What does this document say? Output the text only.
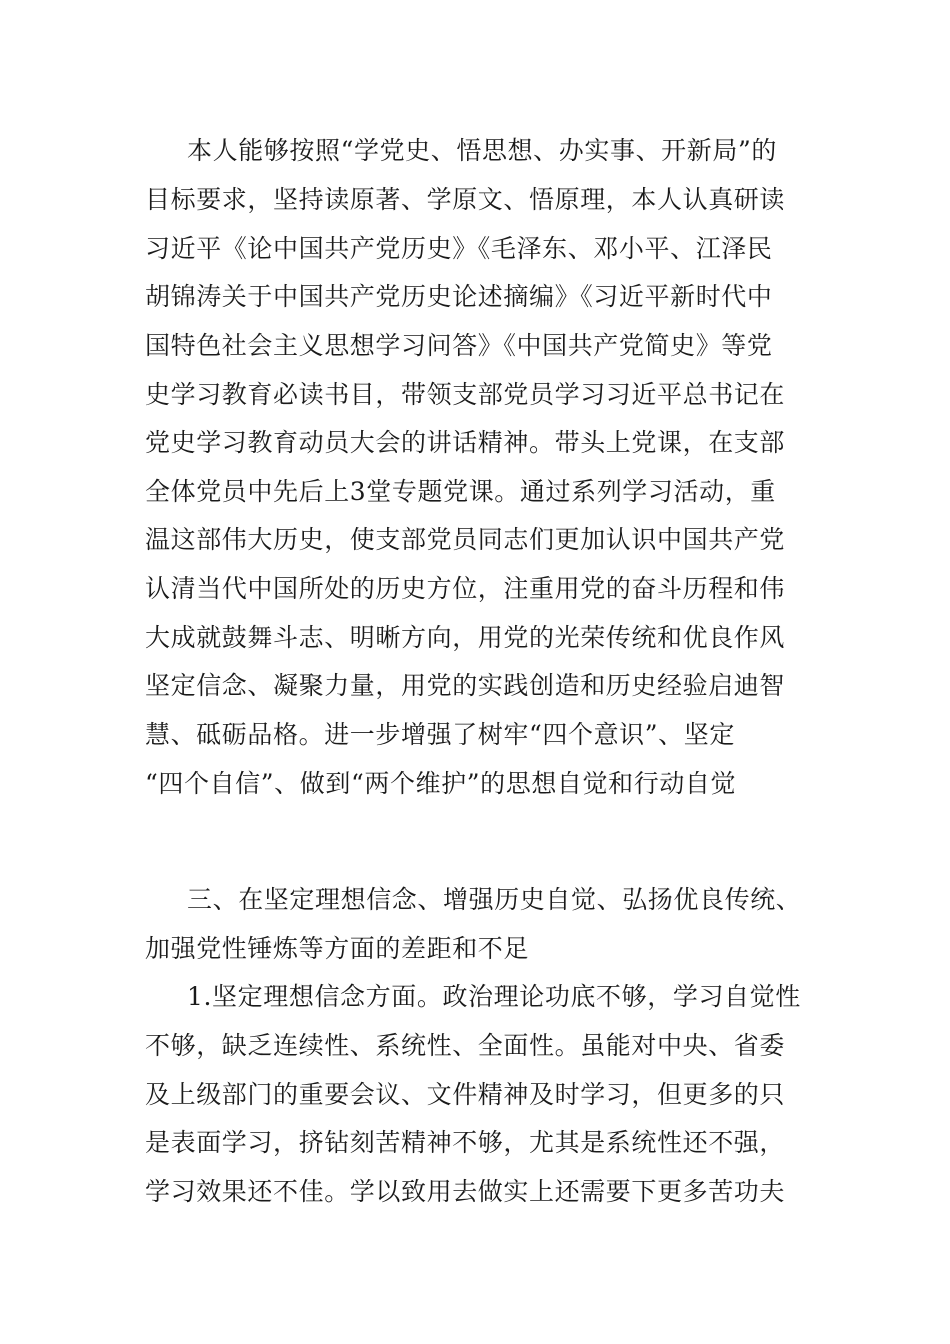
本人能够按照“学党史、悟思想、办实事、开新局”的
目标要求，坚持读原著、学原文、悟原理，本人认真研读
习近平《论中国共产党历史》《毛泽东、邓小平、江泽民
胡锦涛关于中国共产党历史论述摘编》《习近平新时代中
国特色社会主义思想学习问答》《中国共产党简史》等党
史学习教育必读书目，带领支部党员学习习近平总书记在
党史学习教育动员大会的讲话精神。带头上党课，在支部
全体党员中先后上3堂专题党课。通过系列学习活动，重
温这部伟大历史，使支部党员同志们更加认识中国共产党
认清当代中国所处的历史方位，注重用党的奋斗历程和伟
大成就鼓舞斗志、明晰方向，用党的光荣传统和优良作风
坚定信念、凝聚力量，用党的实践创造和历史经验启迪智
慧、砥砺品格。进一步增强了树牢“四个意识”、坚定
“四个自信”、做到“两个维护”的思想自觉和行动自觉
三、在坚定理想信念、增强历史自觉、弘扬优良传统、
加强党性锤炼等方面的差距和不足
1.坚定理想信念方面。政治理论功底不够，学习自觉性
不够，缺乏连续性、系统性、全面性。虽能对中央、省委
及上级部门的重要会议、文件精神及时学习，但更多的只
是表面学习，挤钻刻苦精神不够，尤其是系统性还不强，
学习效果还不佳。学以致用去做实上还需要下更多苦功夫
